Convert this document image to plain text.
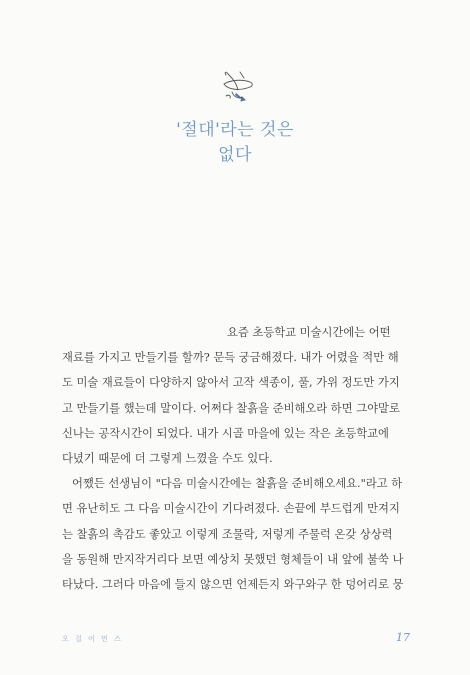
'절대'라는 것은
없다

요즘 초등학교 미술시간에는 어떤
재료를 가지고 만들기를 할까? 문득 궁금해졌다. 내가 어렸을 적만 해
도 미술 재료들이 다양하지 않아서 고작 색종이, 풀, 가위 정도만 가지
고 만들기를 했는데 말이다. 어쩌다 찰흙을 준비해오라 하면 그야말로
신나는 공작시간이 되었다. 내가 시골 마을에 있는 작은 초등학교에
다녔기 때문에 더 그렇게 느꼈을 수도 있다.

어쨌든 선생님이 "다음 미술시간에는 찰흙을 준비해오세요."라고 하
면 유난히도 그 다음 미술시간이 기다려졌다. 손끝에 부드럽게 만져지
는 찰흙의 촉감도 좋았고 이렇게 조물락, 저렇게 주물럭 온갖 상상력
을 동원해 만지작거리다 보면 예상치 못했던 형체들이 내 앞에 불쑥 나
타났다. 그러다 마음에 들지 않으면 언제든지 와구와구 한 덩어리로 뭉

오 걸 어 먼 스	17
